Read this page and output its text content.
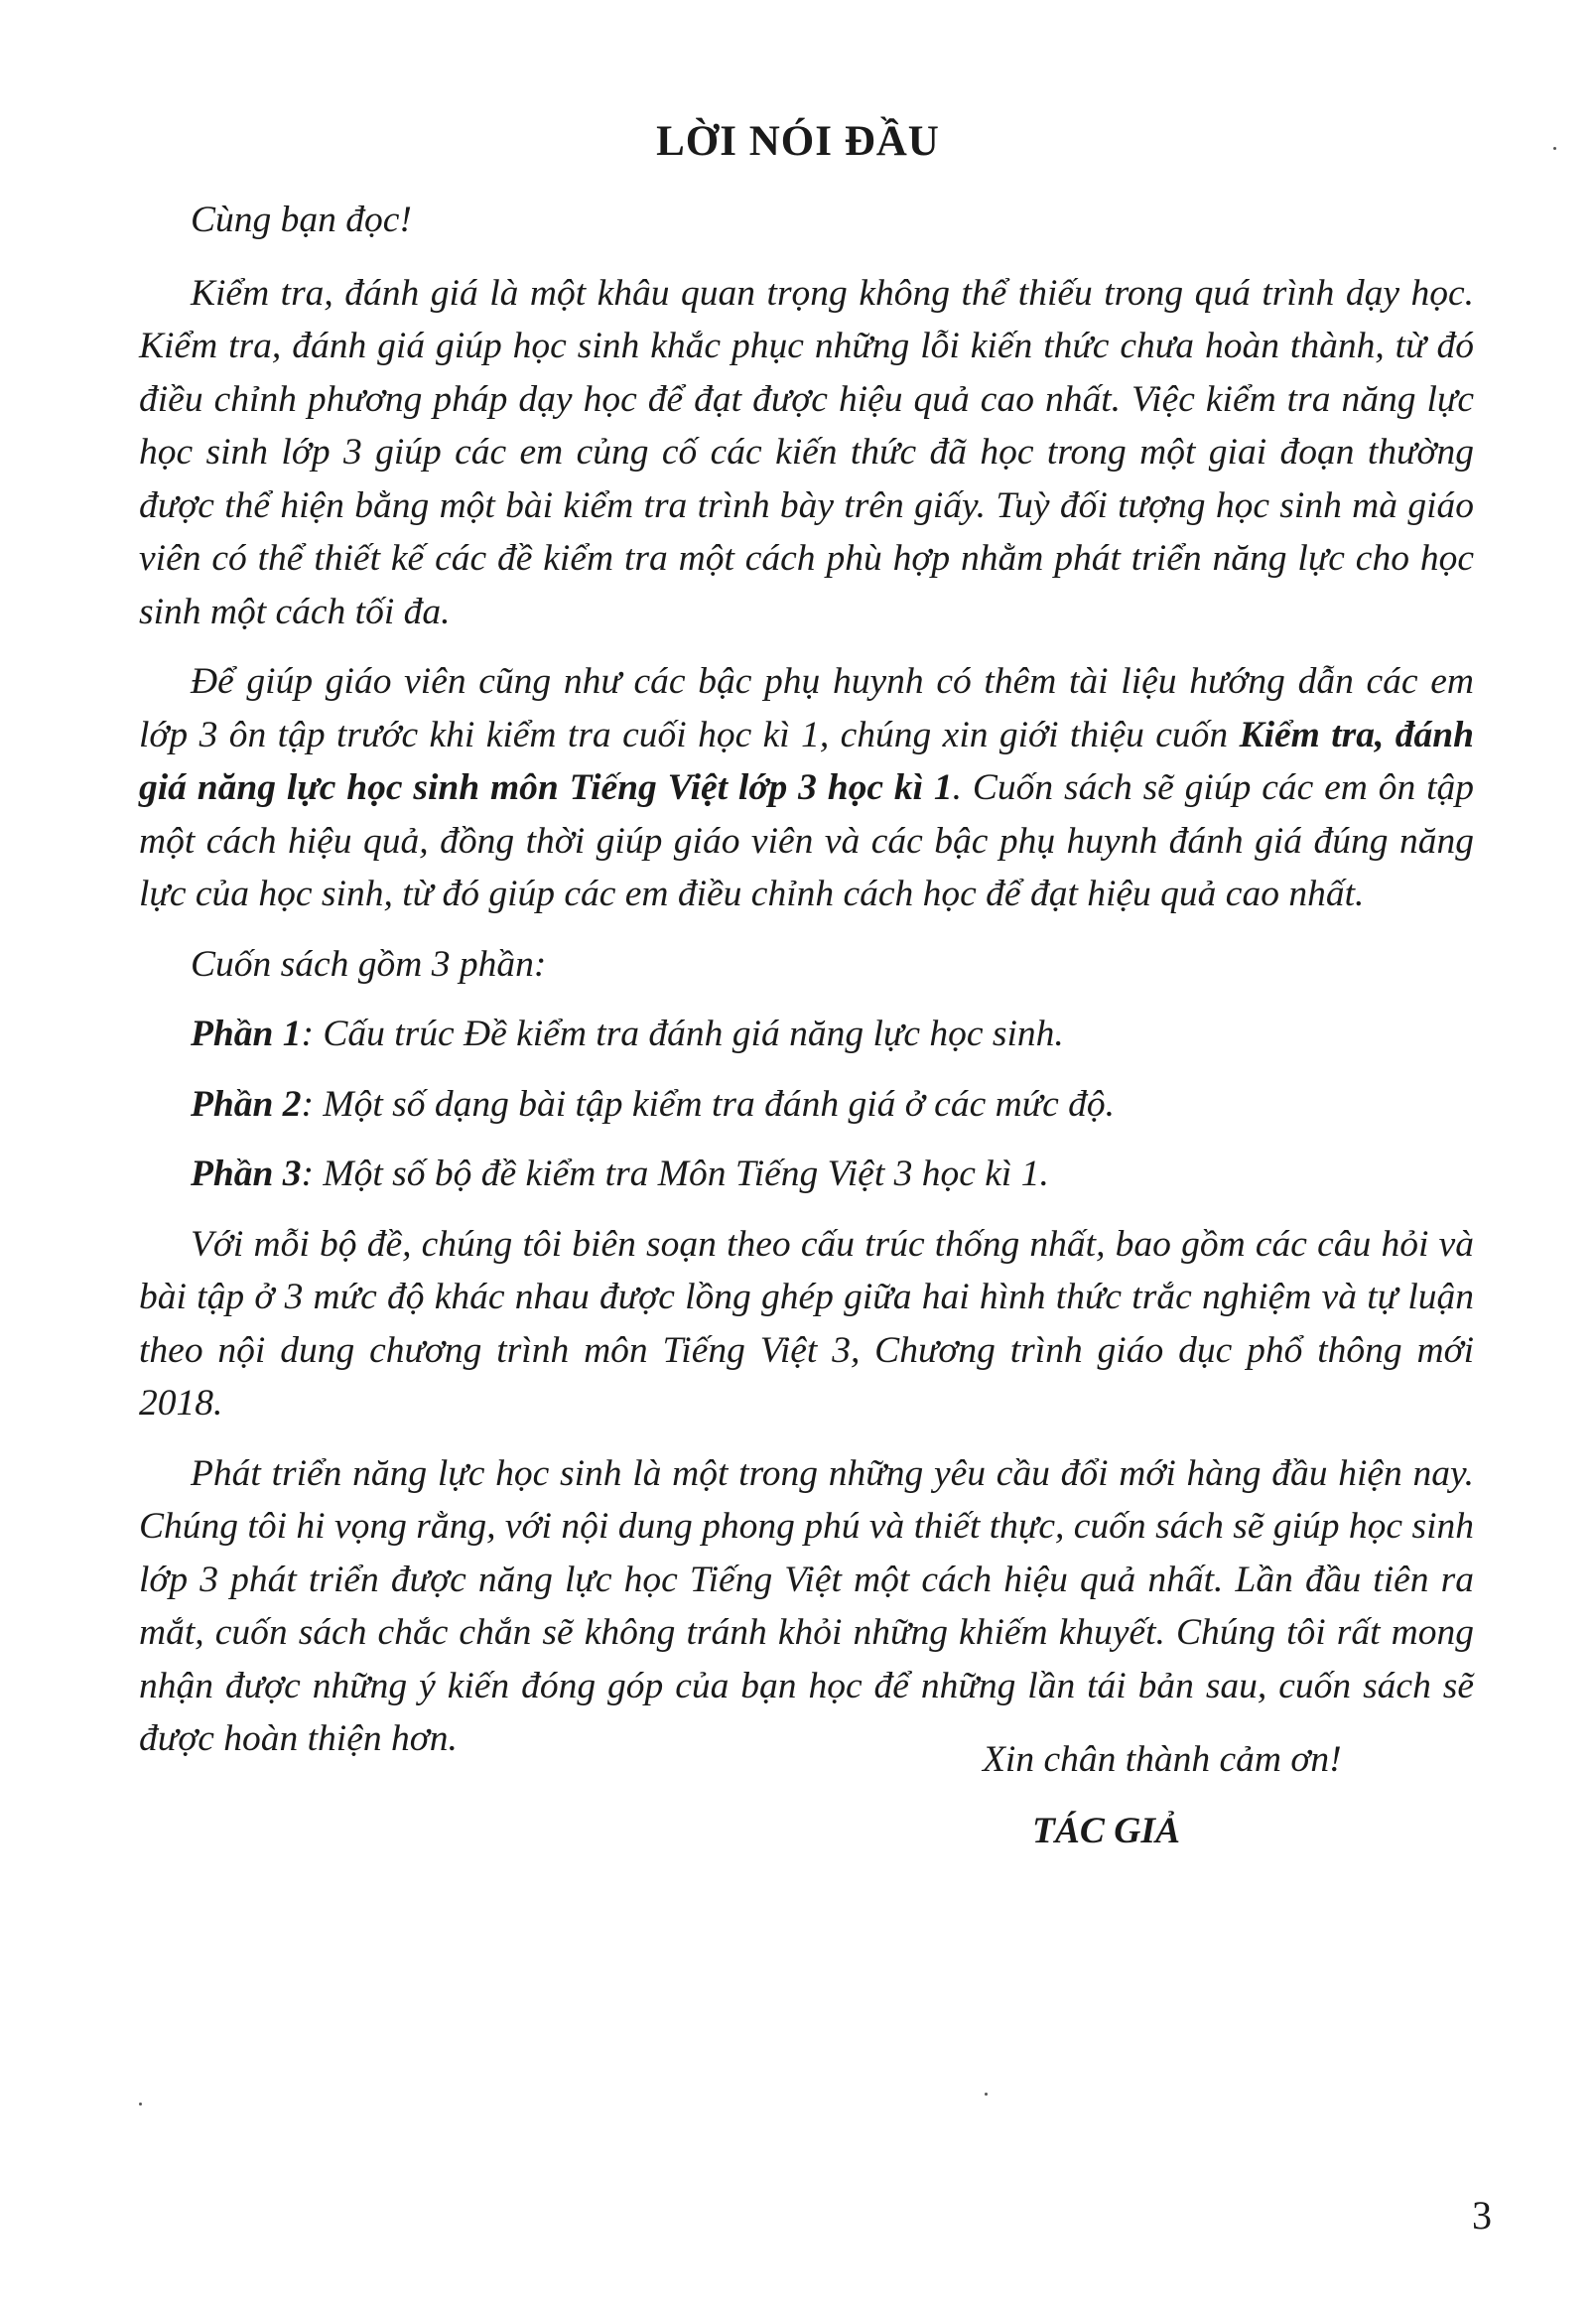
LỜI NÓI ĐẦU

Cùng bạn đọc!

Kiểm tra, đánh giá là một khâu quan trọng không thể thiếu trong quá trình dạy học. Kiểm tra, đánh giá giúp học sinh khắc phục những lỗi kiến thức chưa hoàn thành, từ đó điều chỉnh phương pháp dạy học để đạt được hiệu quả cao nhất. Việc kiểm tra năng lực học sinh lớp 3 giúp các em củng cố các kiến thức đã học trong một giai đoạn thường được thể hiện bằng một bài kiểm tra trình bày trên giấy. Tuỳ đối tượng học sinh mà giáo viên có thể thiết kế các đề kiểm tra một cách phù hợp nhằm phát triển năng lực cho học sinh một cách tối đa.

Để giúp giáo viên cũng như các bậc phụ huynh có thêm tài liệu hướng dẫn các em lớp 3 ôn tập trước khi kiểm tra cuối học kì 1, chúng xin giới thiệu cuốn Kiểm tra, đánh giá năng lực học sinh môn Tiếng Việt lớp 3 học kì 1. Cuốn sách sẽ giúp các em ôn tập một cách hiệu quả, đồng thời giúp giáo viên và các bậc phụ huynh đánh giá đúng năng lực của học sinh, từ đó giúp các em điều chỉnh cách học để đạt hiệu quả cao nhất.

Cuốn sách gồm 3 phần:

Phần 1: Cấu trúc Đề kiểm tra đánh giá năng lực học sinh.

Phần 2: Một số dạng bài tập kiểm tra đánh giá ở các mức độ.

Phần 3: Một số bộ đề kiểm tra Môn Tiếng Việt 3 học kì 1.

Với mỗi bộ đề, chúng tôi biên soạn theo cấu trúc thống nhất, bao gồm các câu hỏi và bài tập ở 3 mức độ khác nhau được lồng ghép giữa hai hình thức trắc nghiệm và tự luận theo nội dung chương trình môn Tiếng Việt 3, Chương trình giáo dục phổ thông mới 2018.

Phát triển năng lực học sinh là một trong những yêu cầu đổi mới hàng đầu hiện nay. Chúng tôi hi vọng rằng, với nội dung phong phú và thiết thực, cuốn sách sẽ giúp học sinh lớp 3 phát triển được năng lực học Tiếng Việt một cách hiệu quả nhất. Lần đầu tiên ra mắt, cuốn sách chắc chắn sẽ không tránh khỏi những khiếm khuyết. Chúng tôi rất mong nhận được những ý kiến đóng góp của bạn học để những lần tái bản sau, cuốn sách sẽ được hoàn thiện hơn.

Xin chân thành cảm ơn!

TÁC GIẢ

3
